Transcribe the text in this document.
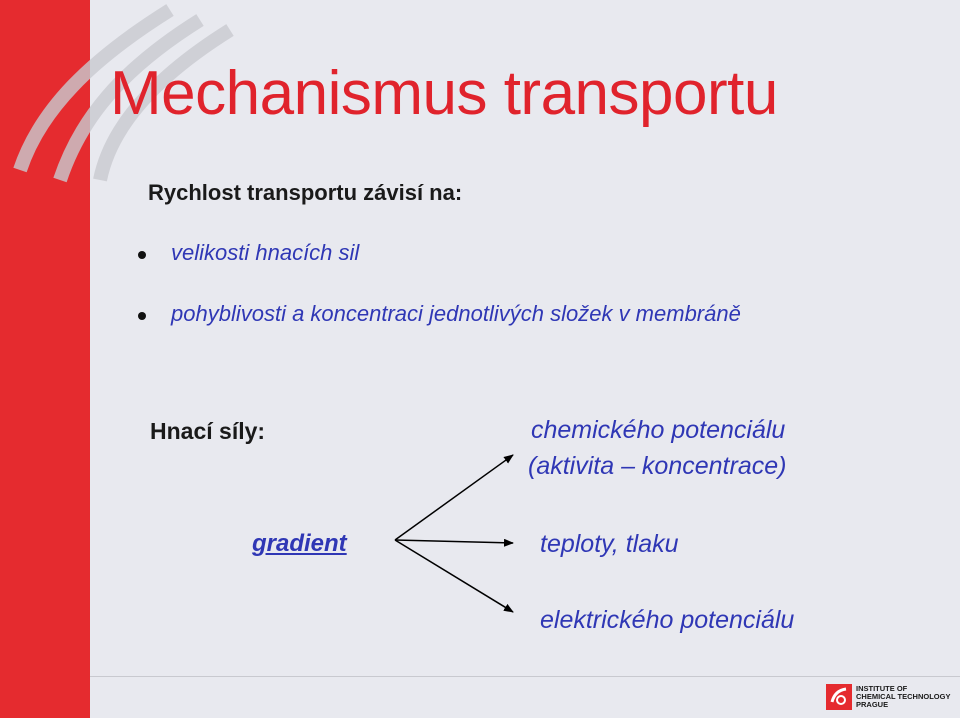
Mechanismus transportu
Rychlost transportu závisí na:
velikosti hnacích sil
pohyblivosti a koncentraci jednotlivých složek v membráně
Hnací síly:
gradient
chemického potenciálu
(aktivita – koncentrace)
teploty, tlaku
elektrického potenciálu
INSTITUTE OF
CHEMICAL TECHNOLOGY
PRAGUE
